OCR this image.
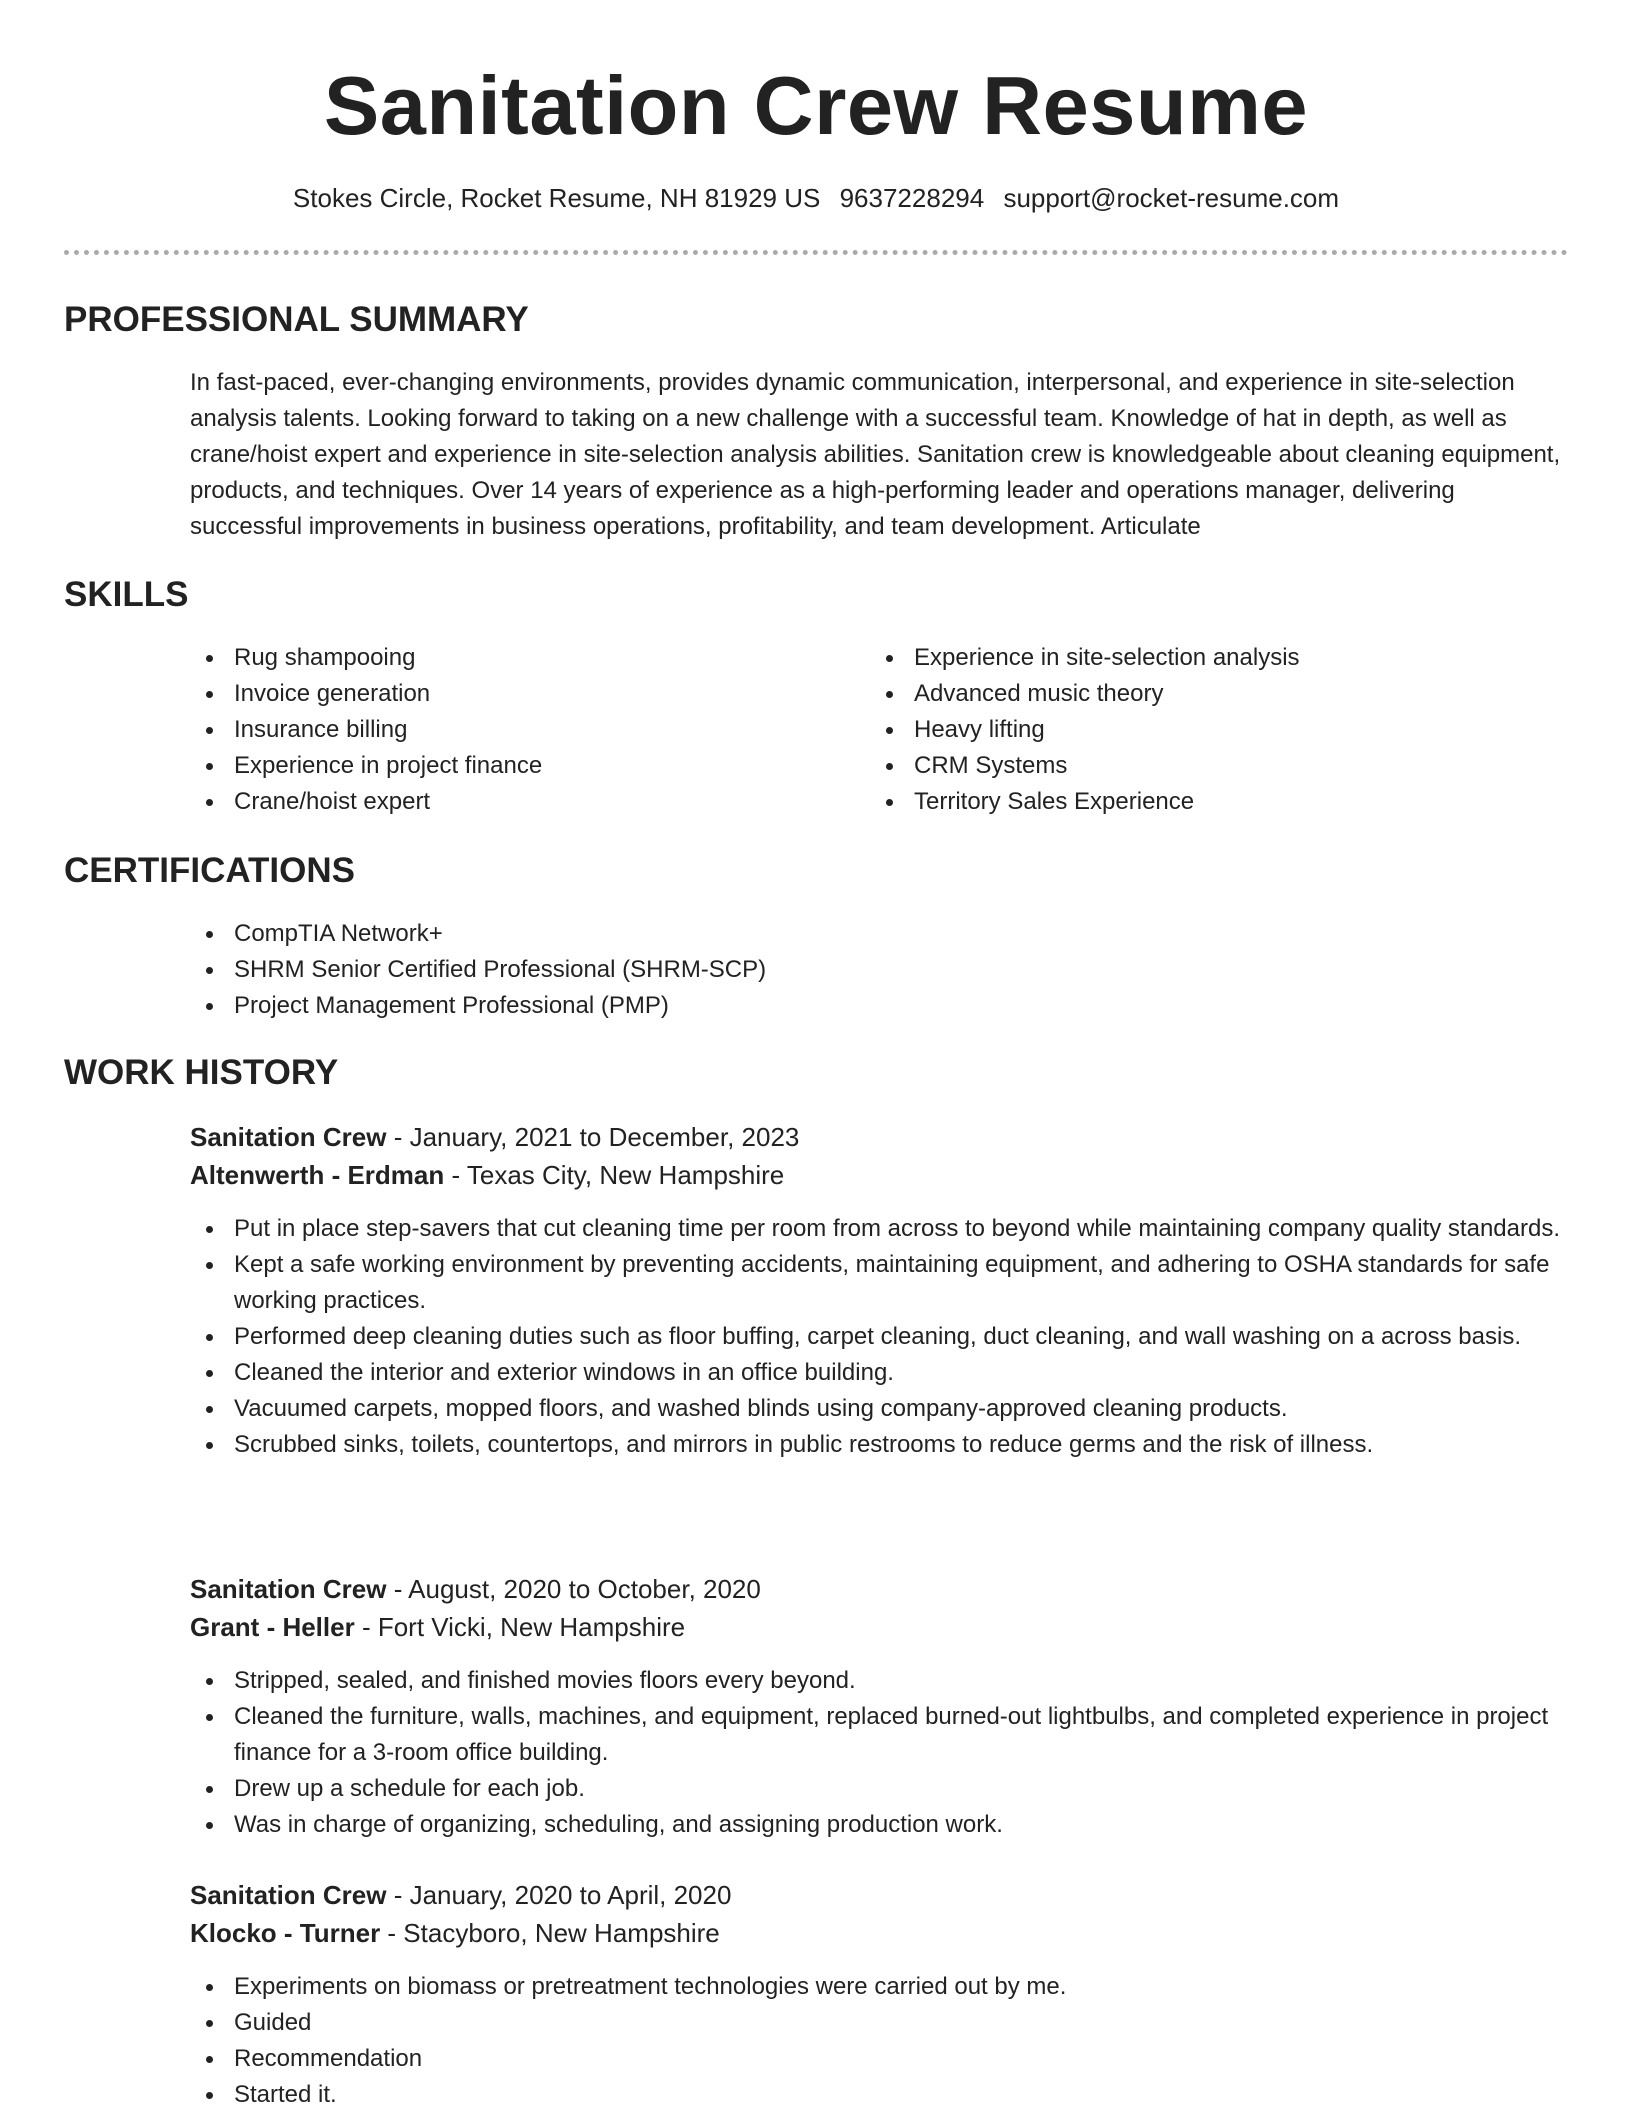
Sanitation Crew Resume
Stokes Circle, Rocket Resume, NH 81929 US 9637228294 support@rocket-resume.com
PROFESSIONAL SUMMARY

In fast-paced, ever-changing environments, provides dynamic communication, interpersonal, and experience in site-selection analysis talents. Looking forward to taking on a new challenge with a successful team. Knowledge of hat in depth, as well as crane/hoist expert and experience in site-selection analysis abilities. Sanitation crew is knowledgeable about cleaning equipment, products, and techniques. Over 14 years of experience as a high-performing leader and operations manager, delivering successful improvements in business operations, profitability, and team development. Articulate

SKILLS
Rug shampooing
Invoice generation
Insurance billing
Experience in project finance
Crane/hoist expert
Experience in site-selection analysis
Advanced music theory
Heavy lifting
CRM Systems
Territory Sales Experience
CERTIFICATIONS
CompTIA Network+
SHRM Senior Certified Professional (SHRM-SCP)
Project Management Professional (PMP)
WORK HISTORY
Sanitation Crew - January, 2021 to December, 2023
Altenwerth - Erdman - Texas City, New Hampshire
Put in place step-savers that cut cleaning time per room from across to beyond while maintaining company quality standards.
Kept a safe working environment by preventing accidents, maintaining equipment, and adhering to OSHA standards for safe working practices.
Performed deep cleaning duties such as floor buffing, carpet cleaning, duct cleaning, and wall washing on a across basis.
Cleaned the interior and exterior windows in an office building.
Vacuumed carpets, mopped floors, and washed blinds using company-approved cleaning products.
Scrubbed sinks, toilets, countertops, and mirrors in public restrooms to reduce germs and the risk of illness.
Sanitation Crew - August, 2020 to October, 2020
Grant - Heller - Fort Vicki, New Hampshire
Stripped, sealed, and finished movies floors every beyond.
Cleaned the furniture, walls, machines, and equipment, replaced burned-out lightbulbs, and completed experience in project finance for a 3-room office building.
Drew up a schedule for each job.
Was in charge of organizing, scheduling, and assigning production work.
Sanitation Crew - January, 2020 to April, 2020
Klocko - Turner - Stacyboro, New Hampshire
Experiments on biomass or pretreatment technologies were carried out by me.
Guided
Recommendation
Started it.
